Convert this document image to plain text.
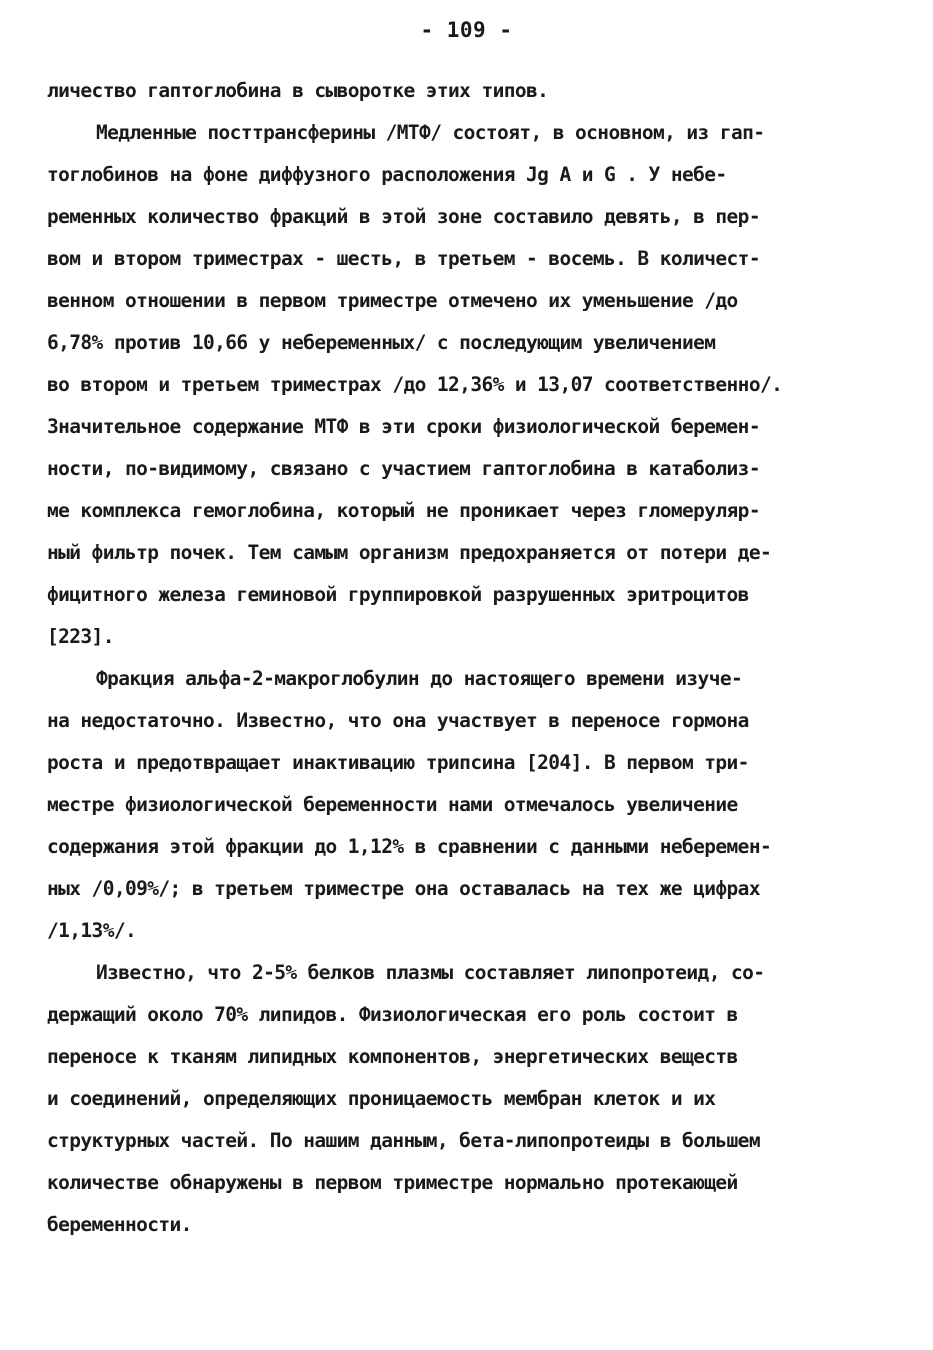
- 109 -
личество гаптоглобина в сыворотке этих типов.
Медленные посттрансферины /МТФ/ состоят, в основном, из гап-
тоглобинов на фоне диффузного расположения Jg A и G . У небе-
ременных количество фракций в этой зоне составило девять, в пер-
вом и втором триместрах - шесть, в третьем - восемь. В количест-
венном отношении в первом триместре отмечено их уменьшение /до
6,78% против 10,66 у небеременных/ с последующим увеличением
во втором и третьем триместрах /до 12,36% и 13,07 соответственно/.
Значительное содержание МТФ в эти сроки физиологической беремен-
ности, по-видимому, связано с участием гаптоглобина в катаболиз-
ме комплекса гемоглобина, который не проникает через гломеруляр-
ный фильтр почек. Тем самым организм предохраняется от потери де-
фицитного железа геминовой группировкой разрушенных эритроцитов
[223].
Фракция альфа-2-макроглобулин до настоящего времени изуче-
на недостаточно. Известно, что она участвует в переносе гормона
роста и предотвращает инактивацию трипсина [204]. В первом три-
местре физиологической беременности нами отмечалось увеличение
содержания этой фракции до 1,12% в сравнении с данными неберемен-
ных /0,09%/; в третьем триместре она оставалась на тех же цифрах
/1,13%/.
Известно, что 2-5% белков плазмы составляет липопротеид, со-
держащий около 70% липидов. Физиологическая его роль состоит в
переносе к тканям липидных компонентов, энергетических веществ
и соединений, определяющих проницаемость мембран клеток и их
структурных частей. По нашим данным, бета-липопротеиды в большем
количестве обнаружены в первом триместре нормально протекающей
беременности.
